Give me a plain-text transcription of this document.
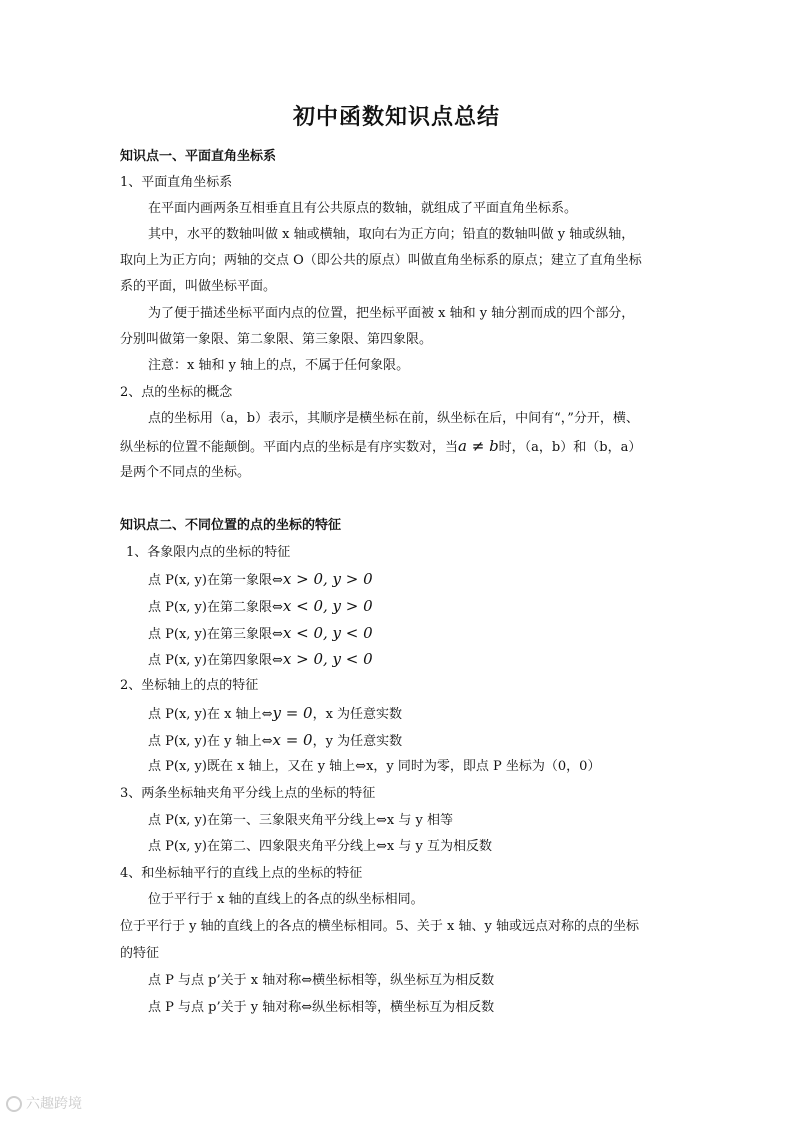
初中函数知识点总结
知识点一、平面直角坐标系
1、平面直角坐标系
在平面内画两条互相垂直且有公共原点的数轴，就组成了平面直角坐标系。
其中，水平的数轴叫做 x 轴或横轴，取向右为正方向；铅直的数轴叫做 y 轴或纵轴，
取向上为正方向；两轴的交点 O（即公共的原点）叫做直角坐标系的原点；建立了直角坐标
系的平面，叫做坐标平面。
为了便于描述坐标平面内点的位置，把坐标平面被 x 轴和 y 轴分割而成的四个部分，
分别叫做第一象限、第二象限、第三象限、第四象限。
注意：x 轴和 y 轴上的点，不属于任何象限。
2、点的坐标的概念
点的坐标用（a，b）表示，其顺序是横坐标在前，纵坐标在后，中间有“，”分开，横、
纵坐标的位置不能颠倒。平面内点的坐标是有序实数对，当a ≠ b时，（a，b）和（b，a）
是两个不同点的坐标。
知识点二、不同位置的点的坐标的特征
1、各象限内点的坐标的特征
点 P(x, y)在第一象限⇔x > 0, y > 0
点 P(x, y)在第二象限⇔x < 0, y > 0
点 P(x, y)在第三象限⇔x < 0, y < 0
点 P(x, y)在第四象限⇔x > 0, y < 0
2、坐标轴上的点的特征
点 P(x, y)在 x 轴上⇔y = 0，x 为任意实数
点 P(x, y)在 y 轴上⇔x = 0，y 为任意实数
点 P(x, y)既在 x 轴上，又在 y 轴上⇔x，y 同时为零，即点 P 坐标为（0，0）
3、两条坐标轴夹角平分线上点的坐标的特征
点 P(x, y)在第一、三象限夹角平分线上⇔x 与 y 相等
点 P(x, y)在第二、四象限夹角平分线上⇔x 与 y 互为相反数
4、和坐标轴平行的直线上点的坐标的特征
位于平行于 x 轴的直线上的各点的纵坐标相同。
位于平行于 y 轴的直线上的各点的横坐标相同。5、关于 x 轴、y 轴或远点对称的点的坐标
的特征
点 P 与点 p’关于 x 轴对称⇔横坐标相等，纵坐标互为相反数
点 P 与点 p’关于 y 轴对称⇔纵坐标相等，横坐标互为相反数
六趣跨境
